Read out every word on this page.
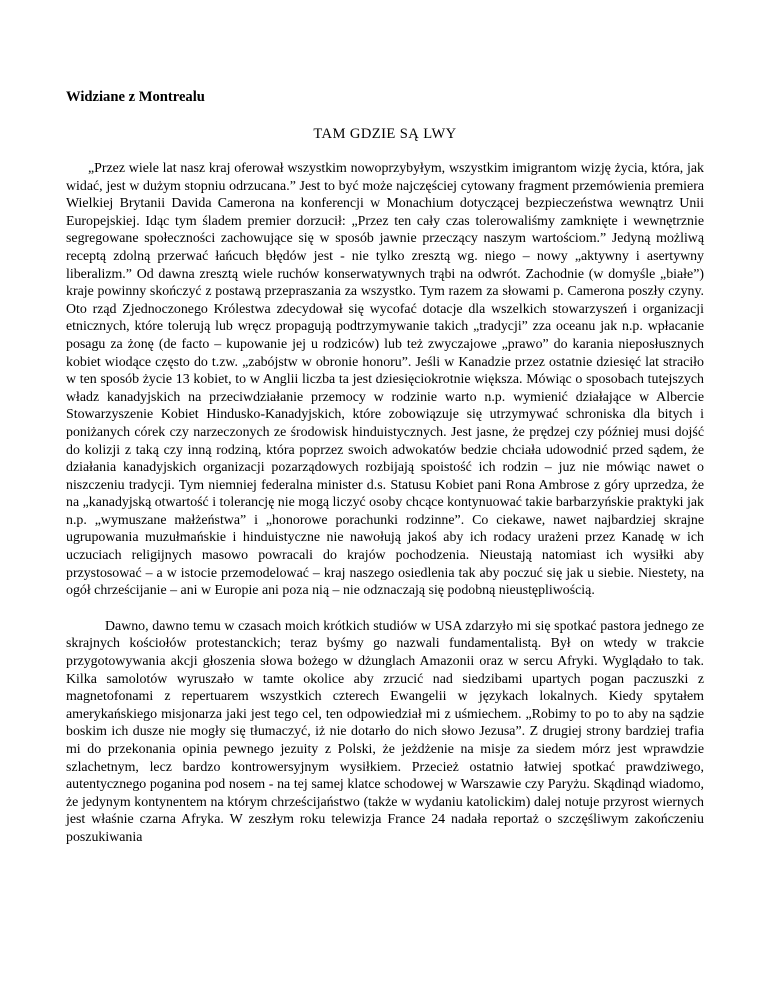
Widziane z Montrealu
TAM GDZIE SĄ LWY

„Przez wiele lat nasz kraj oferował wszystkim nowoprzybyłym, wszystkim imigrantom wizję życia, która, jak widać, jest w dużym stopniu odrzucana.” Jest to być może najczęściej cytowany fragment przemówienia premiera Wielkiej Brytanii Davida Camerona na konferencji w Monachium dotyczącej bezpieczeństwa wewnątrz Unii Europejskiej. Idąc tym śladem premier dorzucił: „Przez ten cały czas tolerowaliśmy zamknięte i wewnętrznie segregowane społeczności zachowujące się w sposób jawnie przeczący naszym wartościom.” Jedyną możliwą receptą zdolną przerwać łańcuch błędów jest - nie tylko zresztą wg. niego – nowy „aktywny i asertywny liberalizm.” Od dawna zresztą wiele ruchów konserwatywnych trąbi na odwrót. Zachodnie (w domyśle „białe”) kraje powinny skończyć z postawą przepraszania za wszystko. Tym razem za słowami p. Camerona poszły czyny. Oto rząd Zjednoczonego Królestwa zdecydował się wycofać dotacje dla wszelkich stowarzyszeń i organizacji etnicznych, które tolerują lub wręcz propagują podtrzymywanie takich „tradycji” zza oceanu jak n.p. wpłacanie posagu za żonę (de facto – kupowanie jej u rodziców) lub też zwyczajowe „prawo” do karania nieposłusznych kobiet wiodące często do t.zw. „zabójstw w obronie honoru”. Jeśli w Kanadzie przez ostatnie dziesięć lat straciło w ten sposób życie 13 kobiet, to w Anglii liczba ta jest dziesięciokrotnie większa. Mówiąc o sposobach tutejszych władz kanadyjskich na przeciwdziałanie przemocy w rodzinie warto n.p. wymienić działające w Albercie Stowarzyszenie Kobiet Hindusko-Kanadyjskich, które zobowiązuje się utrzymywać schroniska dla bitych i poniżanych córek czy narzeczonych ze środowisk hinduistycznych. Jest jasne, że prędzej czy później musi dojść do kolizji z taką czy inną rodziną, która poprzez swoich adwokatów bedzie chciała udowodnić przed sądem, że działania kanadyjskich organizacji pozarządowych rozbijają spoistość ich rodzin – juz nie mówiąc nawet o niszczeniu tradycji. Tym niemniej federalna minister d.s. Statusu Kobiet pani Rona Ambrose z góry uprzedza, że na „kanadyjską otwartość i tolerancję nie mogą liczyć osoby chcące kontynuować takie barbarzyńskie praktyki jak n.p. „wymuszane małżeństwa” i „honorowe porachunki rodzinne”. Co ciekawe, nawet najbardziej skrajne ugrupowania muzułmańskie i hinduistyczne nie nawołują jakoś aby ich rodacy urażeni przez Kanadę w ich uczuciach religijnych masowo powracali do krajów pochodzenia. Nieustają natomiast ich wysiłki aby przystosować – a w istocie przemodelować – kraj naszego osiedlenia tak aby poczuć się jak u siebie. Niestety, na ogół chrześcijanie – ani w Europie ani poza nią – nie odznaczają się podobną nieustępliwością.

Dawno, dawno temu w czasach moich krótkich studiów w USA zdarzyło mi się spotkać pastora jednego ze skrajnych kościołów protestanckich; teraz byśmy go nazwali fundamentalistą. Był on wtedy w trakcie przygotowywania akcji głoszenia słowa bożego w dżunglach Amazonii oraz w sercu Afryki. Wyglądało to tak. Kilka samolotów wyruszało w tamte okolice aby zrzucić nad siedzibami upartych pogan paczuszki z magnetofonami z repertuarem wszystkich czterech Ewangelii w językach lokalnych. Kiedy spytałem amerykańskiego misjonarza jaki jest tego cel, ten odpowiedział mi z uśmiechem. „Robimy to po to aby na sądzie boskim ich dusze nie mogły się tłumaczyć, iż nie dotarło do nich słowo Jezusa”. Z drugiej strony bardziej trafia mi do przekonania opinia pewnego jezuity z Polski, że jeżdżenie na misje za siedem mórz jest wprawdzie szlachetnym, lecz bardzo kontrowersyjnym wysiłkiem. Przecież ostatnio łatwiej spotkać prawdziwego, autentycznego poganina pod nosem - na tej samej klatce schodowej w Warszawie czy Paryżu. Skądinąd wiadomo, że jedynym kontynentem na którym chrześcijaństwo (także w wydaniu katolickim) dalej notuje przyrost wiernych jest właśnie czarna Afryka. W zeszłym roku telewizja France 24 nadała reportaż o szczęśliwym zakończeniu poszukiwania
